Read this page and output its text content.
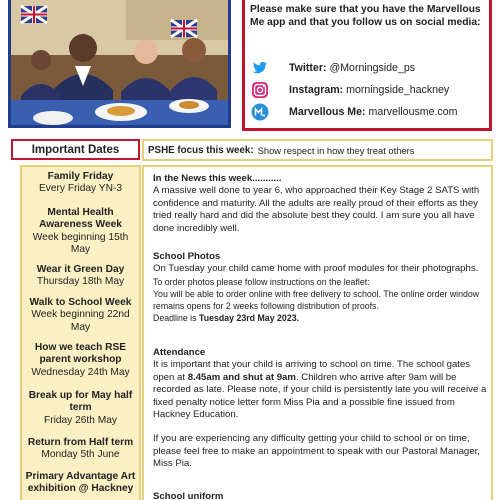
Please make sure that you have the Marvellous Me app and that you follow us on social media:
Twitter: @Morningside_ps
Instagram: morningside_hackney
Marvellous Me: marvellousme.com
Important Dates	PSHE focus this week: Show respect in how they treat others
Family Friday
Every Friday YN-3
Mental Health Awareness Week
Week beginning 15th May
Wear it Green Day
Thursday 18th May
Walk to School Week
Week beginning 22nd May
How we teach RSE parent workshop
Wednesday 24th May
Break up for May half term
Friday 26th May
Return from Half term
Monday 5th June
Primary Advantage Art exhibition @ Hackney
In the News this week...........
A massive well done to year 6, who approached their Key Stage 2 SATS with confidence and maturity. All the adults are really proud of their efforts as they tried really hard and did the absolute best they could. I am sure you all have done incredibly well.
School Photos
On Tuesday your child came home with proof modules for their photographs.
To order photos please follow instructions on the leaflet:
You will be able to order online with free delivery to school. The online order window remains opens for 2 weeks following distribution of proofs.
Deadline is Tuesday 23rd May 2023.
Attendance
It is important that your child is arriving to school on time. The school gates open at 8.45am and shut at 9am. Children who arrive after 9am will be recorded as late. Please note, if your child is persistently late you will receive a fixed penalty notice letter form Miss Pia and a possible fine issued from Hackney Education.
If you are experiencing any difficulty getting your child to school or on time, please feel free to make an appointment to speak with our Pastoral Manager, Miss Pia.
School uniform
